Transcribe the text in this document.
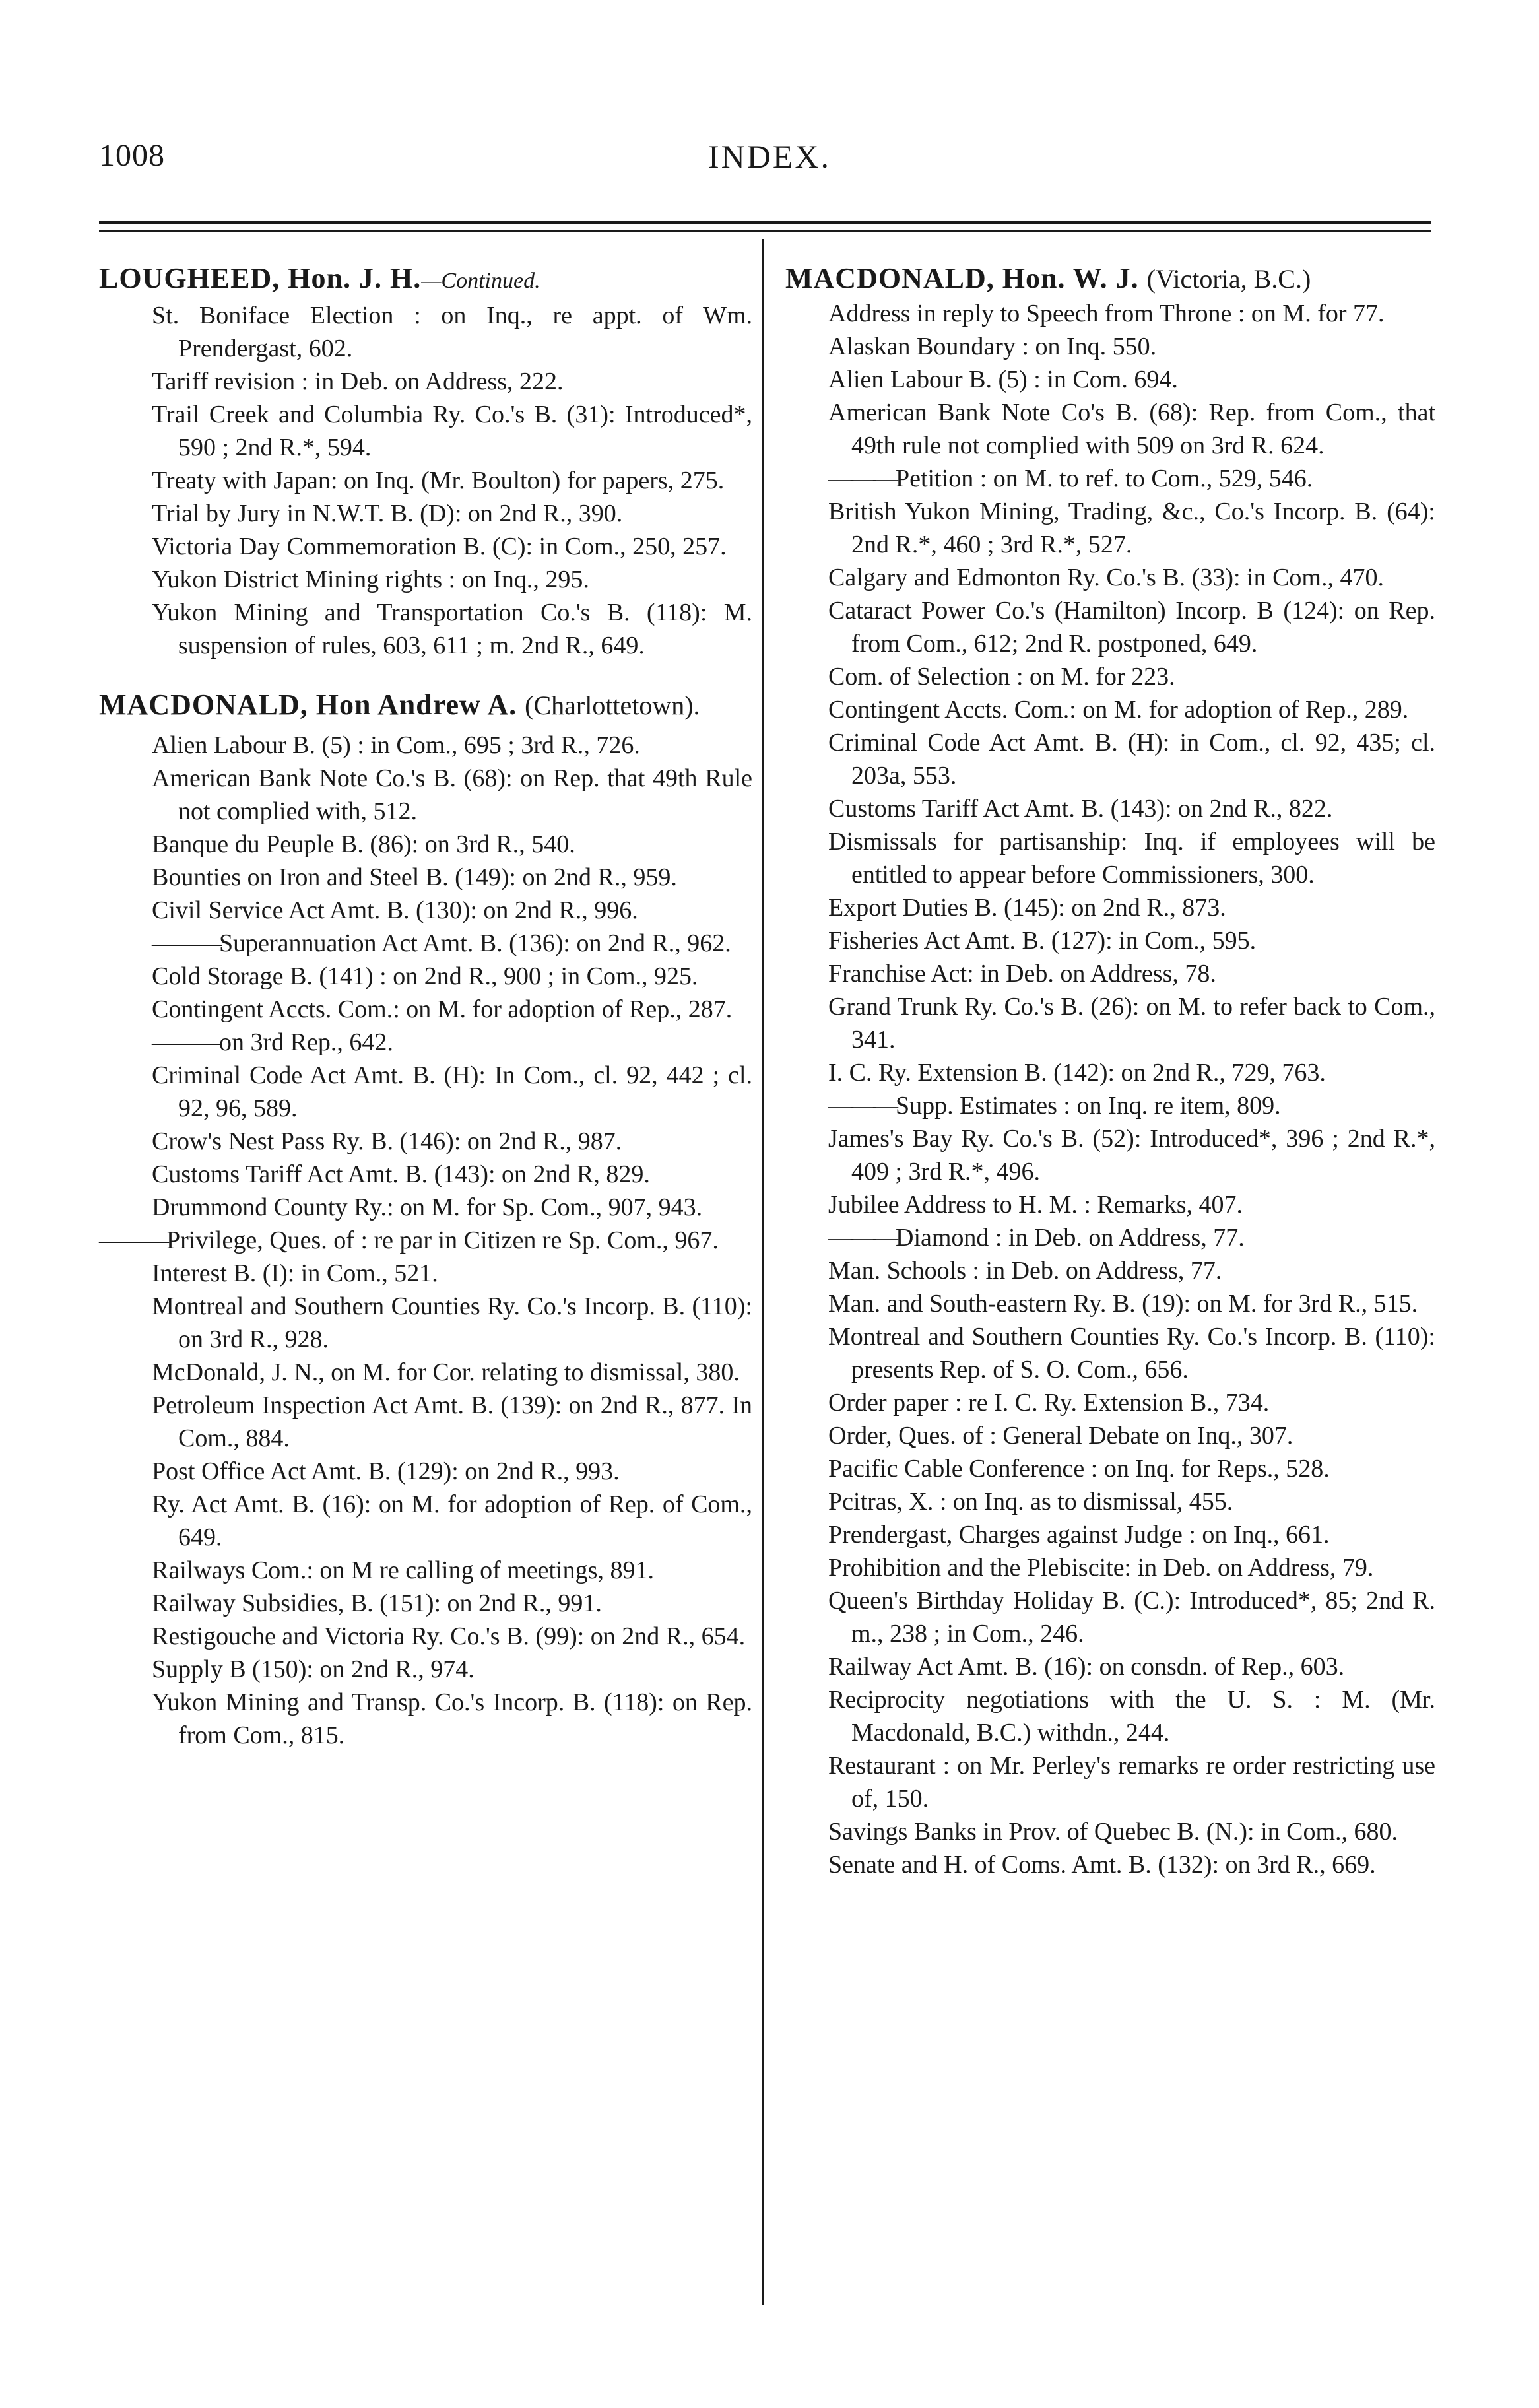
1008	INDEX.
LOUGHEED, Hon. J. H.—Continued.
St. Boniface Election : on Inq., re appt. of Wm. Prendergast, 602.
Tariff revision : in Deb. on Address, 222.
Trail Creek and Columbia Ry. Co.'s B. (31): Introduced*, 590 ; 2nd R.*, 594.
Treaty with Japan: on Inq. (Mr. Boulton) for papers, 275.
Trial by Jury in N.W.T. B. (D): on 2nd R., 390.
Victoria Day Commemoration B. (C): in Com., 250, 257.
Yukon District Mining rights : on Inq., 295.
Yukon Mining and Transportation Co.'s B. (118): M. suspension of rules, 603, 611 ; m. 2nd R., 649.
MACDONALD, Hon Andrew A. (Charlottetown).
Alien Labour B. (5) : in Com., 695 ; 3rd R., 726.
American Bank Note Co.'s B. (68): on Rep. that 49th Rule not complied with, 512.
Banque du Peuple B. (86): on 3rd R., 540.
Bounties on Iron and Steel B. (149): on 2nd R., 959.
Civil Service Act Amt. B. (130): on 2nd R., 996.
——— Superannuation Act Amt. B. (136): on 2nd R., 962.
Cold Storage B. (141) : on 2nd R., 900 ; in Com., 925.
Contingent Accts. Com.: on M. for adoption of Rep., 287.
——— on 3rd Rep., 642.
Criminal Code Act Amt. B. (H): In Com., cl. 92, 442 ; cl. 92, 96, 589.
Crow's Nest Pass Ry. B. (146): on 2nd R., 987.
Customs Tariff Act Amt. B. (143): on 2nd R, 829.
Drummond County Ry.: on M. for Sp. Com., 907, 943.
——— Privilege, Ques. of : re par in Citizen re Sp. Com., 967.
Interest B. (I): in Com., 521.
Montreal and Southern Counties Ry. Co.'s Incorp. B. (110): on 3rd R., 928.
McDonald, J. N., on M. for Cor. relating to dismissal, 380.
Petroleum Inspection Act Amt. B. (139): on 2nd R., 877. In Com., 884.
Post Office Act Amt. B. (129): on 2nd R., 993.
Ry. Act Amt. B. (16): on M. for adoption of Rep. of Com., 649.
Railways Com.: on M re calling of meetings, 891.
Railway Subsidies, B. (151): on 2nd R., 991.
Restigouche and Victoria Ry. Co.'s B. (99): on 2nd R., 654.
Supply B (150): on 2nd R., 974.
Yukon Mining and Transp. Co.'s Incorp. B. (118): on Rep. from Com., 815.
MACDONALD, Hon. W. J. (Victoria, B.C.)
Address in reply to Speech from Throne : on M. for 77.
Alaskan Boundary : on Inq. 550.
Alien Labour B. (5) : in Com. 694.
American Bank Note Co's B. (68): Rep. from Com., that 49th rule not complied with 509 on 3rd R. 624.
——— Petition : on M. to ref. to Com., 529, 546.
British Yukon Mining, Trading, &c., Co.'s Incorp. B. (64): 2nd R.*, 460 ; 3rd R.*, 527.
Calgary and Edmonton Ry. Co.'s B. (33): in Com., 470.
Cataract Power Co.'s (Hamilton) Incorp. B (124): on Rep. from Com., 612; 2nd R. postponed, 649.
Com. of Selection : on M. for 223.
Contingent Accts. Com.: on M. for adoption of Rep., 289.
Criminal Code Act Amt. B. (H): in Com., cl. 92, 435; cl. 203a, 553.
Customs Tariff Act Amt. B. (143): on 2nd R., 822.
Dismissals for partisanship: Inq. if employees will be entitled to appear before Commissioners, 300.
Export Duties B. (145): on 2nd R., 873.
Fisheries Act Amt. B. (127): in Com., 595.
Franchise Act: in Deb. on Address, 78.
Grand Trunk Ry. Co.'s B. (26): on M. to refer back to Com., 341.
I. C. Ry. Extension B. (142): on 2nd R., 729, 763.
——— Supp. Estimates : on Inq. re item, 809.
James's Bay Ry. Co.'s B. (52): Introduced*, 396 ; 2nd R.*, 409 ; 3rd R.*, 496.
Jubilee Address to H. M. : Remarks, 407.
——— Diamond : in Deb. on Address, 77.
Man. Schools : in Deb. on Address, 77.
Man. and South-eastern Ry. B. (19): on M. for 3rd R., 515.
Montreal and Southern Counties Ry. Co.'s Incorp. B. (110): presents Rep. of S. O. Com., 656.
Order paper : re I. C. Ry. Extension B., 734.
Order, Ques. of : General Debate on Inq., 307.
Pacific Cable Conference : on Inq. for Reps., 528.
Pcitras, X. : on Inq. as to dismissal, 455.
Prendergast, Charges against Judge : on Inq., 661.
Prohibition and the Plebiscite: in Deb. on Address, 79.
Queen's Birthday Holiday B. (C.): Introduced*, 85; 2nd R. m., 238 ; in Com., 246.
Railway Act Amt. B. (16): on consdn. of Rep., 603.
Reciprocity negotiations with the U. S. : M. (Mr. Macdonald, B.C.) withdn., 244.
Restaurant : on Mr. Perley's remarks re order restricting use of, 150.
Savings Banks in Prov. of Quebec B. (N.): in Com., 680.
Senate and H. of Coms. Amt. B. (132): on 3rd R., 669.
